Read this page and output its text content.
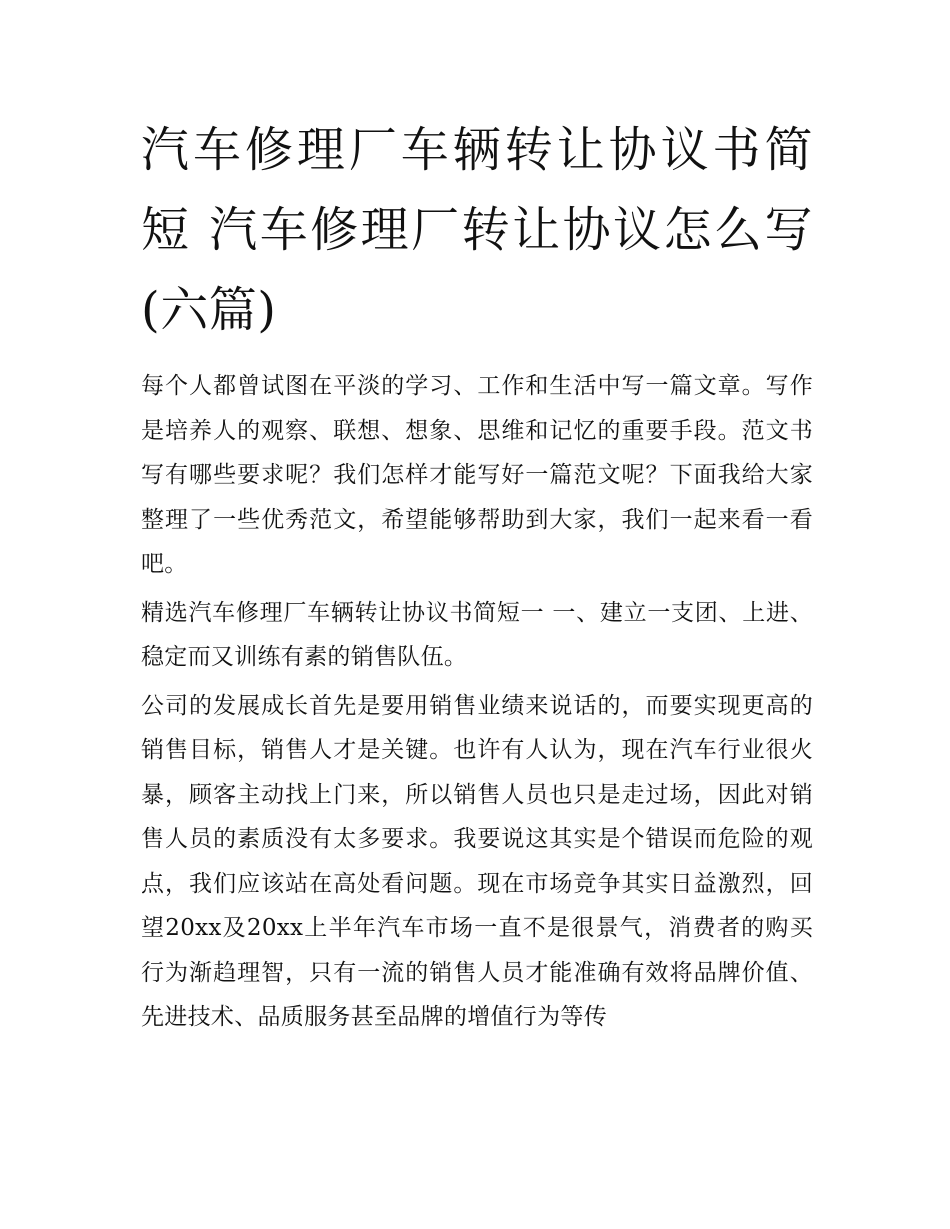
汽车修理厂车辆转让协议书简短 汽车修理厂转让协议怎么写(六篇)

每个人都曾试图在平淡的学习、工作和生活中写一篇文章。写作是培养人的观察、联想、想象、思维和记忆的重要手段。范文书写有哪些要求呢？我们怎样才能写好一篇范文呢？下面我给大家整理了一些优秀范文，希望能够帮助到大家，我们一起来看一看吧。

精选汽车修理厂车辆转让协议书简短一 一、建立一支团、上进、稳定而又训练有素的销售队伍。

公司的发展成长首先是要用销售业绩来说话的，而要实现更高的销售目标，销售人才是关键。也许有人认为，现在汽车行业很火暴，顾客主动找上门来，所以销售人员也只是走过场，因此对销售人员的素质没有太多要求。我要说这其实是个错误而危险的观点，我们应该站在高处看问题。现在市场竞争其实日益激烈，回望20xx及20xx上半年汽车市场一直不是很景气，消费者的购买行为渐趋理智，只有一流的销售人员才能准确有效将品牌价值、先进技术、品质服务甚至品牌的增值行为等传
